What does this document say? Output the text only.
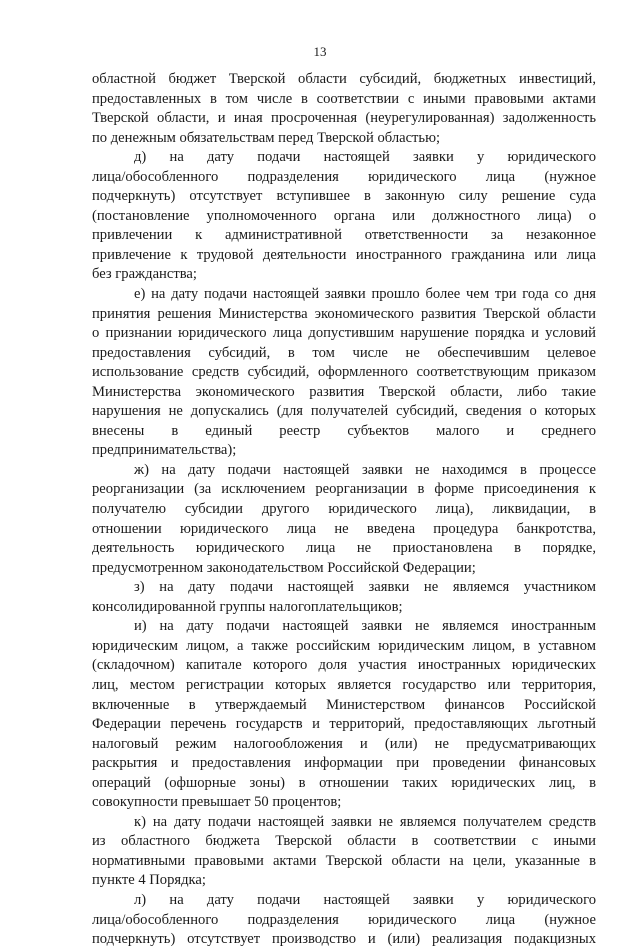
13
областной бюджет Тверской области субсидий, бюджетных инвестиций,
предоставленных в том числе в соответствии с иными правовыми актами
Тверской области, и иная просроченная (неурегулированная) задолженность
по денежным обязательствам перед Тверской областью;
д) на дату подачи настоящей заявки у юридического
лица/обособленного подразделения юридического лица (нужное
подчеркнуть) отсутствует вступившее в законную силу решение суда
(постановление уполномоченного органа или должностного лица) о
привлечении к административной ответственности за незаконное
привлечение к трудовой деятельности иностранного гражданина или лица
без гражданства;
е) на дату подачи настоящей заявки прошло более чем три года со дня
принятия решения Министерства экономического развития Тверской области
о признании юридического лица допустившим нарушение порядка и условий
предоставления субсидий, в том числе не обеспечившим целевое
использование средств субсидий, оформленного соответствующим приказом
Министерства экономического развития Тверской области, либо такие
нарушения не допускались (для получателей субсидий, сведения о которых
внесены в единый реестр субъектов малого и среднего
предпринимательства);
ж) на дату подачи настоящей заявки не находимся в процессе
реорганизации (за исключением реорганизации в форме присоединения к
получателю субсидии другого юридического лица), ликвидации, в
отношении юридического лица не введена процедура банкротства,
деятельность юридического лица не приостановлена в порядке,
предусмотренном законодательством Российской Федерации;
з) на дату подачи настоящей заявки не являемся участником
консолидированной группы налогоплательщиков;
и) на дату подачи настоящей заявки не являемся иностранным
юридическим лицом, а также российским юридическим лицом, в уставном
(складочном) капитале которого доля участия иностранных юридических
лиц, местом регистрации которых является государство или территория,
включенные в утверждаемый Министерством финансов Российской
Федерации перечень государств и территорий, предоставляющих льготный
налоговый режим налогообложения и (или) не предусматривающих
раскрытия и предоставления информации при проведении финансовых
операций (офшорные зоны) в отношении таких юридических лиц, в
совокупности превышает 50 процентов;
к) на дату подачи настоящей заявки не являемся получателем средств
из областного бюджета Тверской области в соответствии с иными
нормативными правовыми актами Тверской области на цели, указанные в
пункте 4 Порядка;
л) на дату подачи настоящей заявки у юридического
лица/обособленного подразделения юридического лица (нужное
подчеркнуть) отсутствует производство и (или) реализация подакцизных
